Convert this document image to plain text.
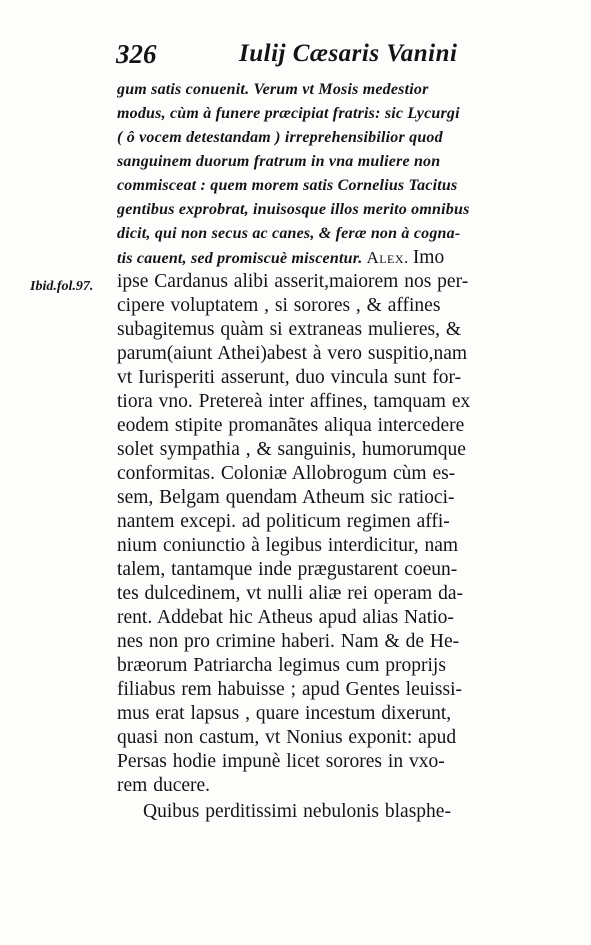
326	Iulij Cæsaris Vanini
gum satis conuenit. Verum vt Mosis medestior
modus, cùm à funere præcipiat fratris: sic Lycurgi
( ô vocem detestandam ) irreprehensibilior quod
sanguinem duorum fratrum in vna muliere non
commisceat : quem morem satis Cornelius Tacitus
gentibus exprobrat, inuisosque illos merito omnibus
dicit, qui non secus ac canes, & feræ non à cogna-
tis cauent, sed promiscuè miscentur. Alex. Imo
Ibid.fol.97. ipse Cardanus alibi asserit,maiorem nos per-
cipere voluptatem , si sorores , & affines
subagitemus quàm si extraneas mulieres, &
parum(aiunt Athei)abest à vero suspitio,nam
vt Iurisperiti asserunt, duo vincula sunt for-
tiora vno. Pretereà inter affines, tamquam ex
eodem stipite promanãtes aliqua intercedere
solet sympathia , & sanguinis, humorumque
conformitas. Coloniæ Allobrogum cùm es-
sem, Belgam quendam Atheum sic ratioci-
nantem excepi. ad politicum regimen affi-
nium coniunctio à legibus interdicitur, nam
talem, tantamque inde prægustarent coeun-
tes dulcedinem, vt nulli aliæ rei operam da-
rent. Addebat hic Atheus apud alias Natio-
nes non pro crimine haberi. Nam & de He-
bræorum Patriarcha legimus cum proprijs
filiabus rem habuisse ; apud Gentes leuissi-
mus erat lapsus , quare incestum dixerunt,
quasi non castum, vt Nonius exponit: apud
Persas hodie impunè licet sorores in vxo-
rem ducere.
Quibus perditissimi nebulonis blasphe-
